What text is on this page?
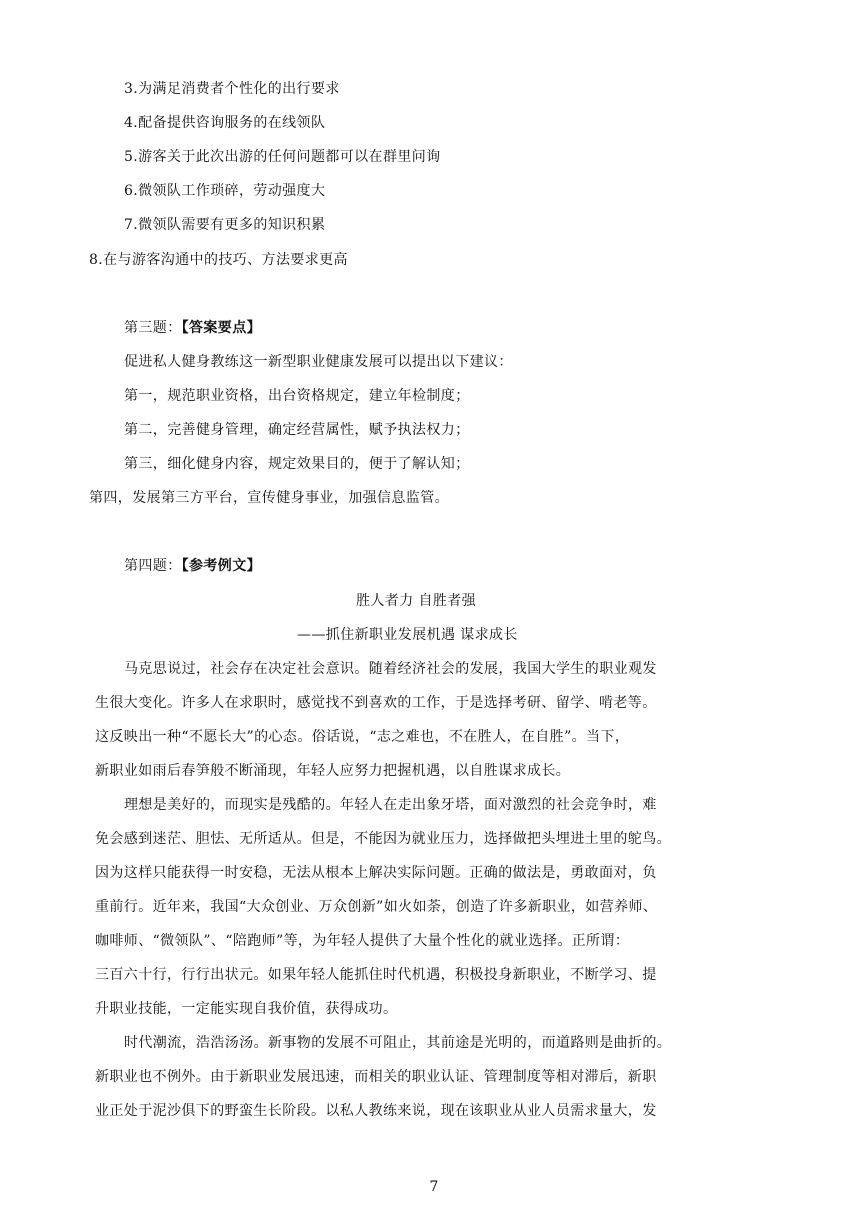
3.为满足消费者个性化的出行要求
4.配备提供咨询服务的在线领队
5.游客关于此次出游的任何问题都可以在群里问询
6.微领队工作琐碎，劳动强度大
7.微领队需要有更多的知识积累
8.在与游客沟通中的技巧、方法要求更高
第三题：【答案要点】
促进私人健身教练这一新型职业健康发展可以提出以下建议：
第一，规范职业资格，出台资格规定，建立年检制度；
第二，完善健身管理，确定经营属性，赋予执法权力；
第三，细化健身内容，规定效果目的，便于了解认知；
第四，发展第三方平台，宣传健身事业，加强信息监管。
第四题：【参考例文】
胜人者力 自胜者强
——抓住新职业发展机遇 谋求成长
马克思说过，社会存在决定社会意识。随着经济社会的发展，我国大学生的职业观发
生很大变化。许多人在求职时，感觉找不到喜欢的工作，于是选择考研、留学、啃老等。
这反映出一种“不愿长大”的心态。俗话说，“志之难也，不在胜人，在自胜”。当下，
新职业如雨后春笋般不断涌现，年轻人应努力把握机遇，以自胜谋求成长。
理想是美好的，而现实是残酷的。年轻人在走出象牙塔，面对激烈的社会竞争时，难
免会感到迷茫、胆怯、无所适从。但是，不能因为就业压力，选择做把头埋进土里的鸵鸟。
因为这样只能获得一时安稳，无法从根本上解决实际问题。正确的做法是，勇敢面对，负
重前行。近年来，我国“大众创业、万众创新”如火如荼，创造了许多新职业，如营养师、
咖啡师、“微领队”、“陪跑师”等，为年轻人提供了大量个性化的就业选择。正所谓：
三百六十行，行行出状元。如果年轻人能抓住时代机遇，积极投身新职业，不断学习、提
升职业技能，一定能实现自我价值，获得成功。
时代潮流，浩浩汤汤。新事物的发展不可阻止，其前途是光明的，而道路则是曲折的。
新职业也不例外。由于新职业发展迅速，而相关的职业认证、管理制度等相对滞后，新职
业正处于泥沙俱下的野蛮生长阶段。以私人教练来说，现在该职业从业人员需求量大，发
7
